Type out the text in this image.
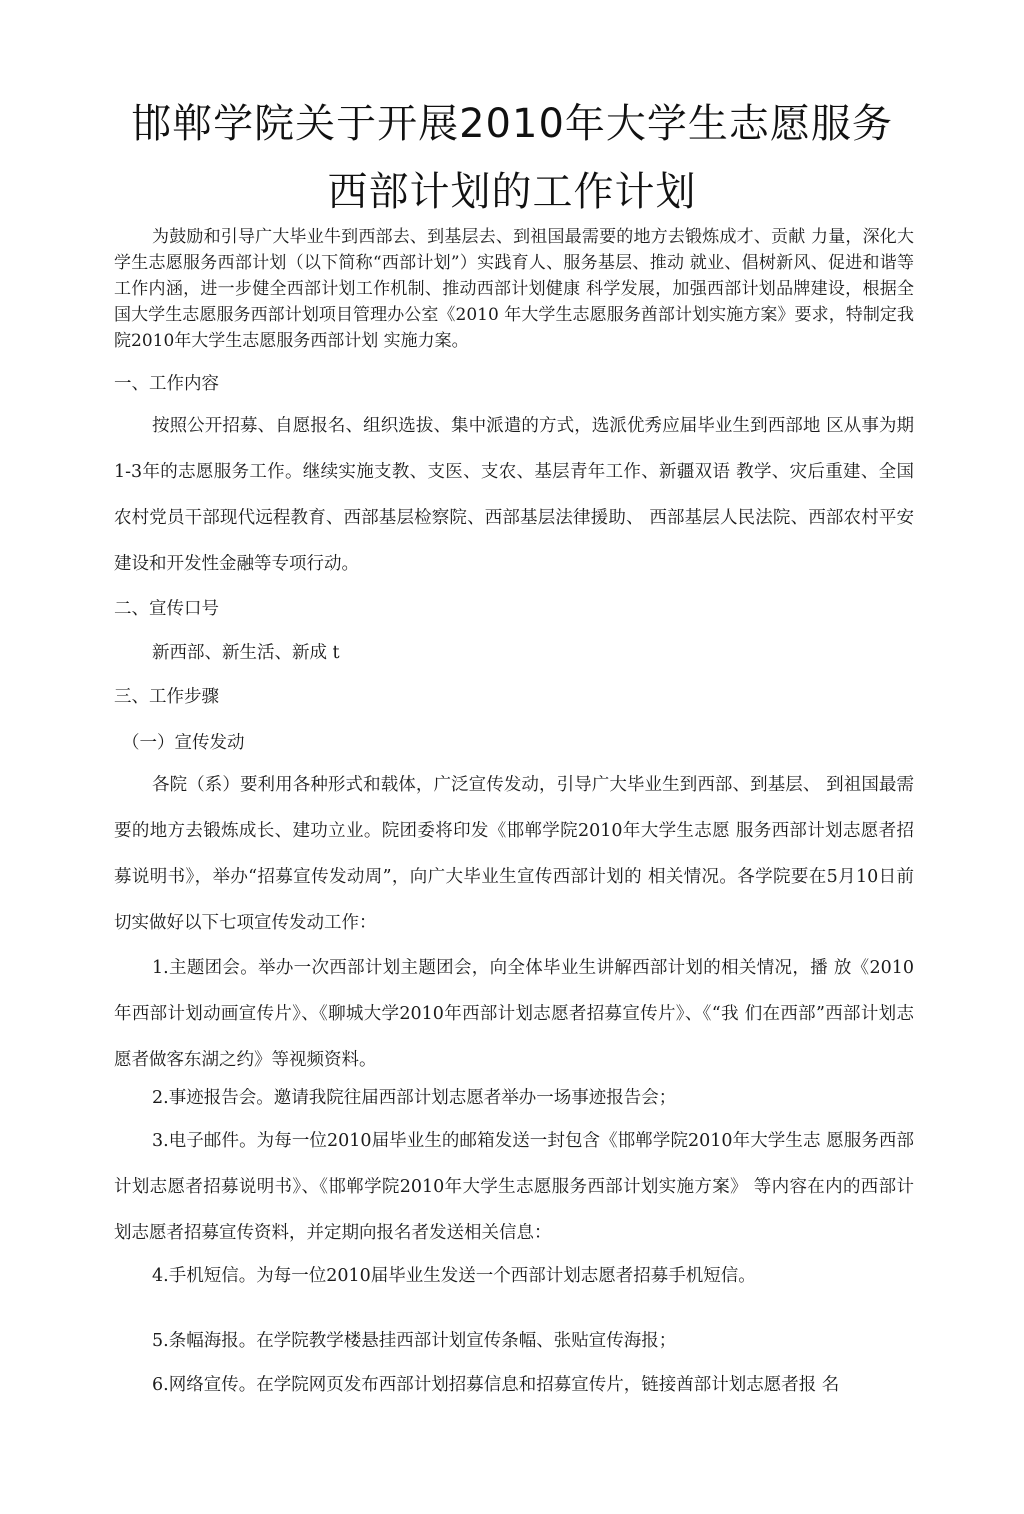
邯郸学院关于开展2010年大学生志愿服务
西部计划的工作计划

为鼓励和引导广大毕业牛到西部去、到基层去、到祖国最需要的地方去锻炼成才、贡献 力量，深化大学生志愿服务西部计划（以下简称“西部计划”）实践育人、服务基层、推动 就业、倡树新风、促进和谐等工作内涵，进一步健全西部计划工作机制、推动西部计划健康 科学发展，加强西部计划品牌建设，根据全国大学生志愿服务西部计划项目管理办公室《2010 年大学生志愿服务酋部计划实施方案》要求，特制定我院2010年大学生志愿服务西部计划 实施力案。

一、工作内容

按照公开招募、自愿报名、组织选拔、集中派遣的方式，选派优秀应届毕业生到西部地 区从事为期1-3年的志愿服务工作。继续实施支教、支医、支农、基层青年工作、新疆双语 教学、灾后重建、全国农村党员干部现代远程教育、西部基层检察院、西部基层法律援助、 西部基层人民法院、西部农村平安建设和开发性金融等专项行动。

二、宣传口号

新西部、新生活、新成 t

三、工作步骤

（一）宣传发动

各院（系）要利用各种形式和载体，广泛宣传发动，引导广大毕业生到西部、到基层、 到祖国最需要的地方去锻炼成长、建功立业。院团委将印发《邯郸学院2010年大学生志愿 服务西部计划志愿者招募说明书》，举办“招募宣传发动周”，向广大毕业生宣传西部计划的 相关情况。各学院要在5月10日前切实做好以下七项宣传发动工作：

1.主题团会。举办一次西部计划主题团会，向全体毕业生讲解西部计划的相关情况，播 放《2010年西部计划动画宣传片》、《聊城大学2010年西部计划志愿者招募宣传片》、《“我 们在西部”西部计划志愿者做客东湖之约》等视频资料。

2.事迹报告会。邀请我院往届西部计划志愿者举办一场事迹报告会；

3.电子邮件。为每一位2010届毕业生的邮箱发送一封包含《邯郸学院2010年大学生志 愿服务西部计划志愿者招募说明书》、《邯郸学院2010年大学生志愿服务西部计划实施方案》 等内容在内的西部计划志愿者招募宣传资料，并定期向报名者发送相关信息：

4.手机短信。为每一位2010届毕业生发送一个西部计划志愿者招募手机短信。

5.条幅海报。在学院教学楼悬挂西部计划宣传条幅、张贴宣传海报；

6.网络宣传。在学院网页发布西部计划招募信息和招募宣传片，链接酋部计划志愿者报 名
